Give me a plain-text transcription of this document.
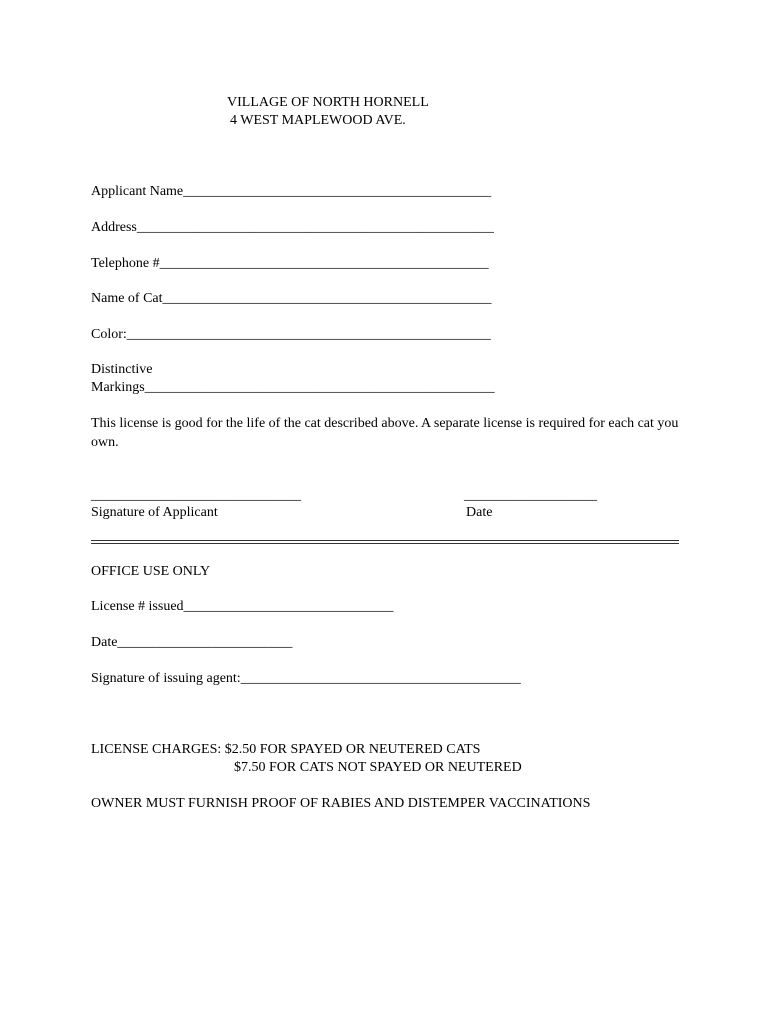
VILLAGE OF NORTH HORNELL
4 WEST MAPLEWOOD AVE.
Applicant Name____________________________________________
Address___________________________________________________
Telephone #_______________________________________________
Name of Cat_______________________________________________
Color:____________________________________________________
Distinctive
Markings__________________________________________________
This license is good for the life of the cat described above. A separate license is required for each cat you own.
______________________________
Signature of Applicant
___________________
Date
OFFICE USE ONLY
License # issued______________________________
Date_________________________
Signature of issuing agent:________________________________________
LICENSE CHARGES: $2.50 FOR SPAYED OR NEUTERED CATS
$7.50 FOR CATS NOT SPAYED OR NEUTERED
OWNER MUST FURNISH PROOF OF RABIES AND DISTEMPER VACCINATIONS
